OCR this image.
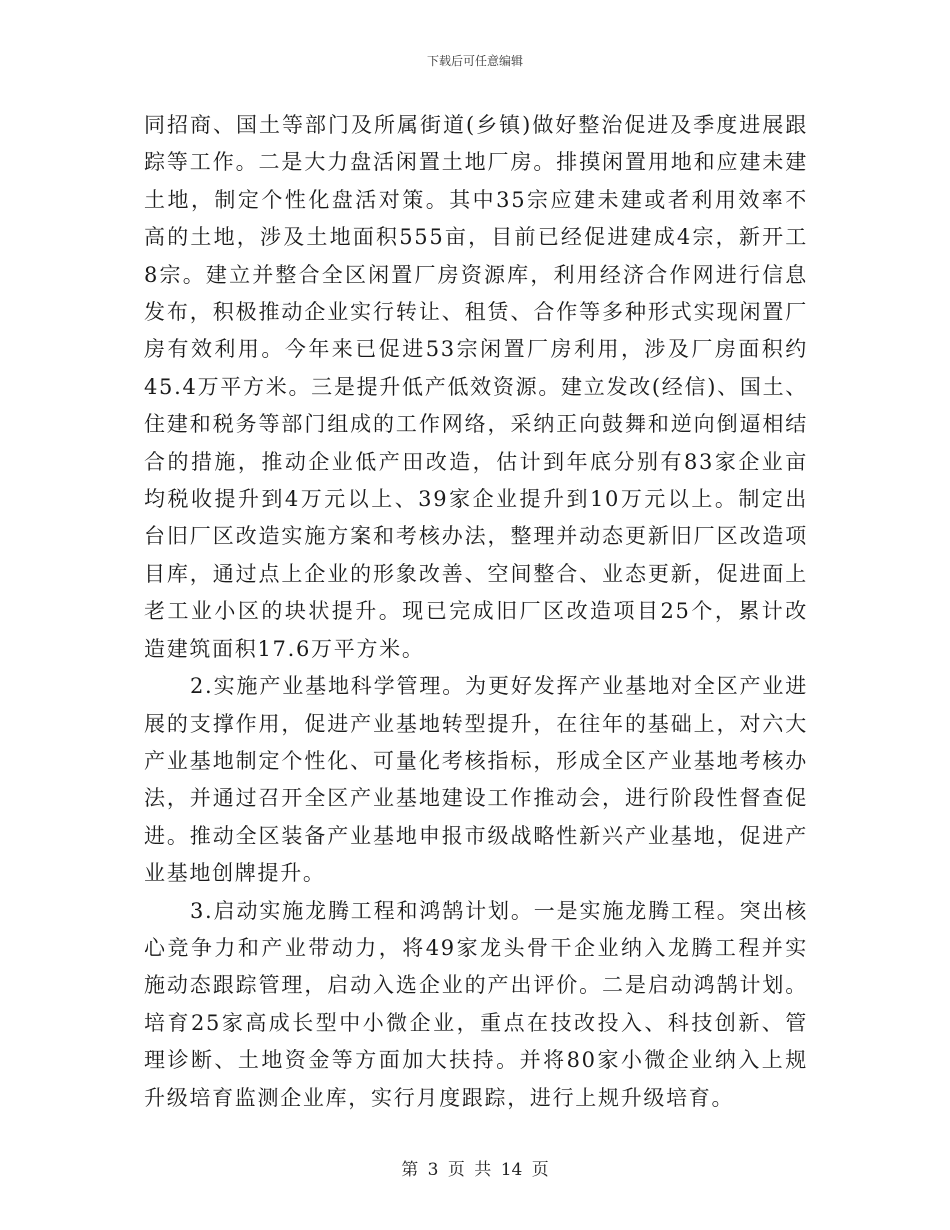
下载后可任意编辑

同招商、国土等部门及所属街道(乡镇)做好整治促进及季度进展跟踪等工作。二是大力盘活闲置土地厂房。排摸闲置用地和应建未建土地，制定个性化盘活对策。其中35宗应建未建或者利用效率不高的土地，涉及土地面积555亩，目前已经促进建成4宗，新开工8宗。建立并整合全区闲置厂房资源库，利用经济合作网进行信息发布，积极推动企业实行转让、租赁、合作等多种形式实现闲置厂房有效利用。今年来已促进53宗闲置厂房利用，涉及厂房面积约45.4万平方米。三是提升低产低效资源。建立发改(经信)、国土、住建和税务等部门组成的工作网络，采纳正向鼓舞和逆向倒逼相结合的措施，推动企业低产田改造，估计到年底分别有83家企业亩均税收提升到4万元以上、39家企业提升到10万元以上。制定出台旧厂区改造实施方案和考核办法，整理并动态更新旧厂区改造项目库，通过点上企业的形象改善、空间整合、业态更新，促进面上老工业小区的块状提升。现已完成旧厂区改造项目25个，累计改造建筑面积17.6万平方米。

2.实施产业基地科学管理。为更好发挥产业基地对全区产业进展的支撑作用，促进产业基地转型提升，在往年的基础上，对六大产业基地制定个性化、可量化考核指标，形成全区产业基地考核办法，并通过召开全区产业基地建设工作推动会，进行阶段性督查促进。推动全区装备产业基地申报市级战略性新兴产业基地，促进产业基地创牌提升。

3.启动实施龙腾工程和鸿鹄计划。一是实施龙腾工程。突出核心竞争力和产业带动力，将49家龙头骨干企业纳入龙腾工程并实施动态跟踪管理，启动入选企业的产出评价。二是启动鸿鹄计划。培育25家高成长型中小微企业，重点在技改投入、科技创新、管理诊断、土地资金等方面加大扶持。并将80家小微企业纳入上规升级培育监测企业库，实行月度跟踪，进行上规升级培育。

第 3 页 共 14 页
